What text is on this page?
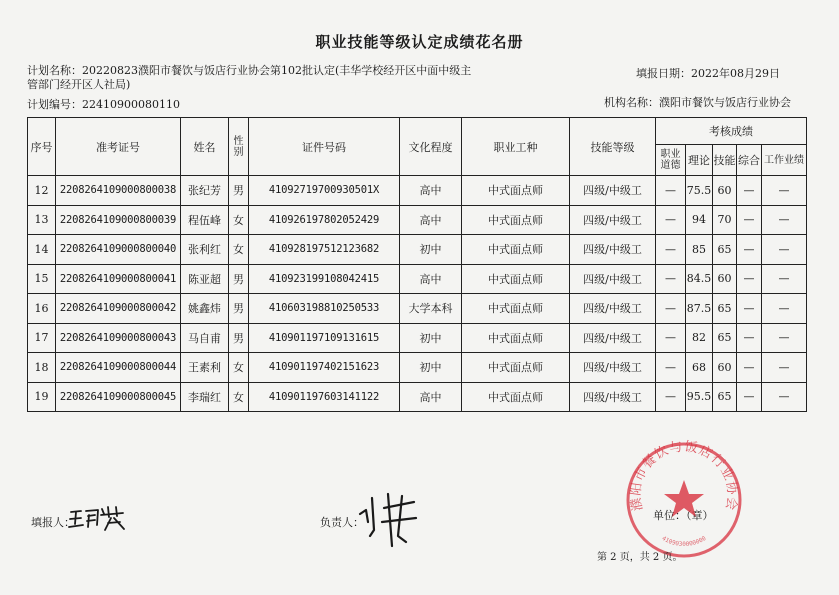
职业技能等级认定成绩花名册
计划名称：20220823濮阳市餐饮与饭店行业协会第102批认定(丰华学校经开区中面中级主管部门经开区人社局)
填报日期：2022年08月29日
计划编号：22410900080110	机构名称：濮阳市餐饮与饭店行业协会
序号	准考证号	姓名	性别	证件号码	文化程度	职业工种	技能等级	考核成绩				
								职业道德	理论	技能	综合	工作业绩
12	2208264109000800038	张纪芳	男	41092719700930501X	高中	中式面点师	四级/中级工	—	75.5	60	—	—
13	2208264109000800039	程伍峰	女	410926197802052429	高中	中式面点师	四级/中级工	—	94	70	—	—
14	2208264109000800040	张利红	女	410928197512123682	初中	中式面点师	四级/中级工	—	85	65	—	—
15	2208264109000800041	陈亚超	男	410923199108042415	高中	中式面点师	四级/中级工	—	84.5	60	—	—
16	2208264109000800042	姚鑫炜	男	410603198810250533	大学本科	中式面点师	四级/中级工	—	87.5	65	—	—
17	2208264109000800043	马自甫	男	410901197109131615	初中	中式面点师	四级/中级工	—	82	65	—	—
18	2208264109000800044	王素利	女	410901197402151623	初中	中式面点师	四级/中级工	—	68	60	—	—
19	2208264109000800045	李瑞红	女	410901197603141122	高中	中式面点师	四级/中级工	—	95.5	65	—	—
填报人：	负责人：
单位：（章）
濮阳市餐饮与饭店行业协会
4109030000000
第 2 页，共 2 页。
